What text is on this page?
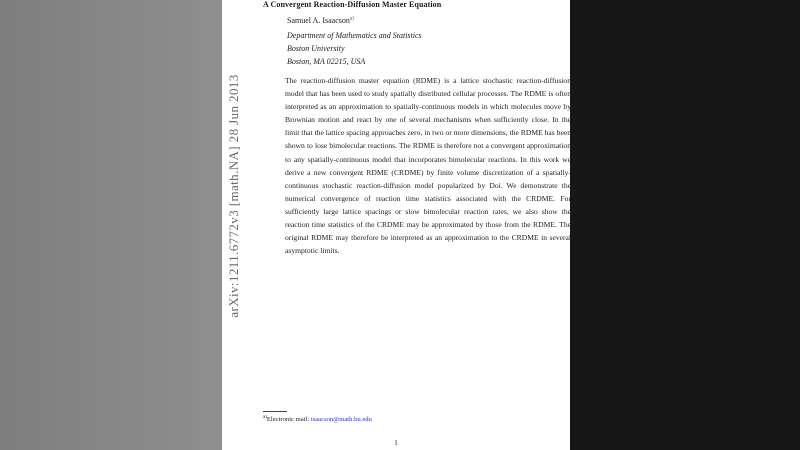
arXiv:1211.6772v3 [math.NA] 28 Jun 2013
A Convergent Reaction-Diffusion Master Equation
Samuel A. Isaacson$^{a)}$
Department of Mathematics and Statistics
Boston University
Boston, MA 02215, USA

The reaction-diffusion master equation (RDME) is a lattice stochastic reaction-diffusion model that has been used to study spatially distributed cellular processes. The RDME is often interpreted as an approximation to spatially-continuous models in which molecules move by Brownian motion and react by one of several mechanisms when sufficiently close. In the limit that the lattice spacing approaches zero, in two or more dimensions, the RDME has been shown to lose bimolecular reactions. The RDME is therefore not a convergent approximation to any spatially-continuous model that incorporates bimolecular reactions. In this work we derive a new convergent RDME (CRDME) by finite volume discretization of a spatially-continuous stochastic reaction-diffusion model popularized by Doi. We demonstrate the numerical convergence of reaction time statistics associated with the CRDME. For sufficiently large lattice spacings or slow bimolecular reaction rates, we also show the reaction time statistics of the CRDME may be approximated by those from the RDME. The original RDME may therefore be interpreted as an approximation to the CRDME in several asymptotic limits.

$^{a)}$Electronic mail: isaacson@math.bu.edu
1
